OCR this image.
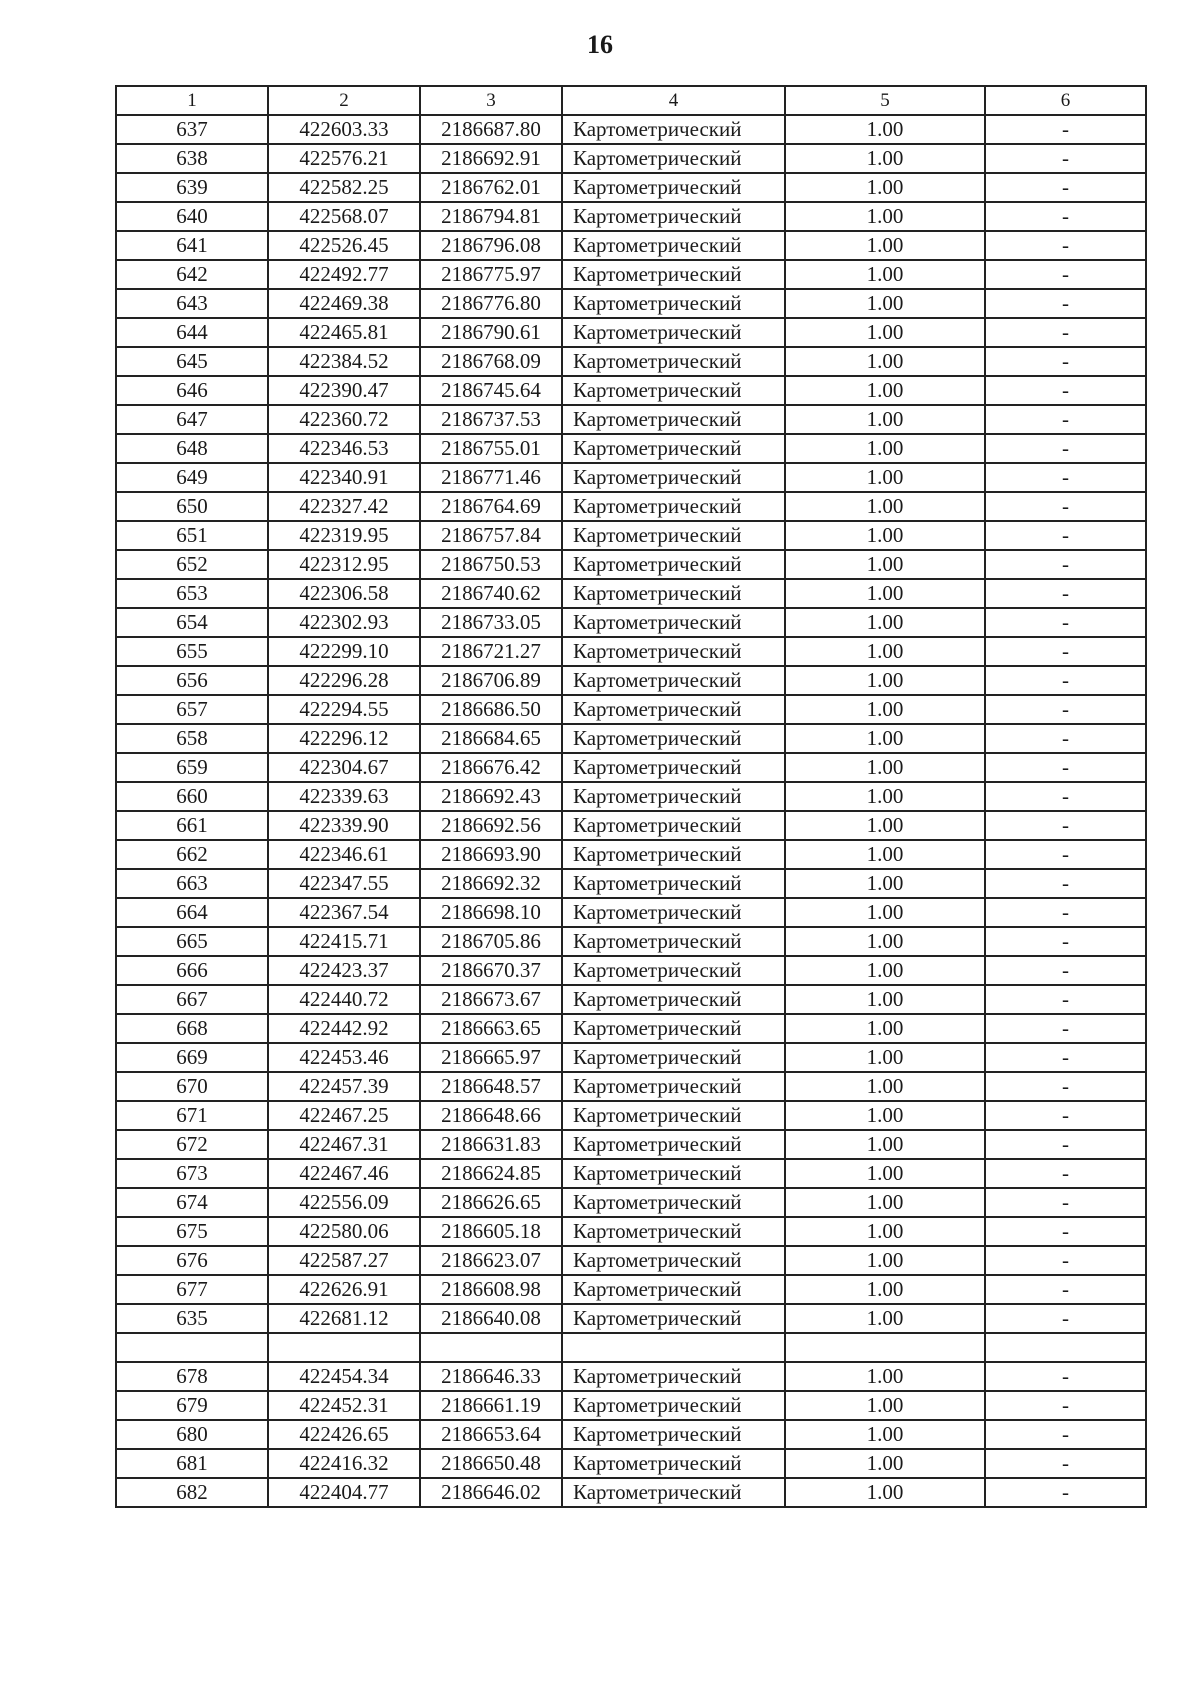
16
1	2	3	4	5	6
637	422603.33	2186687.80	Картометрический	1.00	-
638	422576.21	2186692.91	Картометрический	1.00	-
639	422582.25	2186762.01	Картометрический	1.00	-
640	422568.07	2186794.81	Картометрический	1.00	-
641	422526.45	2186796.08	Картометрический	1.00	-
642	422492.77	2186775.97	Картометрический	1.00	-
643	422469.38	2186776.80	Картометрический	1.00	-
644	422465.81	2186790.61	Картометрический	1.00	-
645	422384.52	2186768.09	Картометрический	1.00	-
646	422390.47	2186745.64	Картометрический	1.00	-
647	422360.72	2186737.53	Картометрический	1.00	-
648	422346.53	2186755.01	Картометрический	1.00	-
649	422340.91	2186771.46	Картометрический	1.00	-
650	422327.42	2186764.69	Картометрический	1.00	-
651	422319.95	2186757.84	Картометрический	1.00	-
652	422312.95	2186750.53	Картометрический	1.00	-
653	422306.58	2186740.62	Картометрический	1.00	-
654	422302.93	2186733.05	Картометрический	1.00	-
655	422299.10	2186721.27	Картометрический	1.00	-
656	422296.28	2186706.89	Картометрический	1.00	-
657	422294.55	2186686.50	Картометрический	1.00	-
658	422296.12	2186684.65	Картометрический	1.00	-
659	422304.67	2186676.42	Картометрический	1.00	-
660	422339.63	2186692.43	Картометрический	1.00	-
661	422339.90	2186692.56	Картометрический	1.00	-
662	422346.61	2186693.90	Картометрический	1.00	-
663	422347.55	2186692.32	Картометрический	1.00	-
664	422367.54	2186698.10	Картометрический	1.00	-
665	422415.71	2186705.86	Картометрический	1.00	-
666	422423.37	2186670.37	Картометрический	1.00	-
667	422440.72	2186673.67	Картометрический	1.00	-
668	422442.92	2186663.65	Картометрический	1.00	-
669	422453.46	2186665.97	Картометрический	1.00	-
670	422457.39	2186648.57	Картометрический	1.00	-
671	422467.25	2186648.66	Картометрический	1.00	-
672	422467.31	2186631.83	Картометрический	1.00	-
673	422467.46	2186624.85	Картометрический	1.00	-
674	422556.09	2186626.65	Картометрический	1.00	-
675	422580.06	2186605.18	Картометрический	1.00	-
676	422587.27	2186623.07	Картометрический	1.00	-
677	422626.91	2186608.98	Картометрический	1.00	-
635	422681.12	2186640.08	Картометрический	1.00	-

678	422454.34	2186646.33	Картометрический	1.00	-
679	422452.31	2186661.19	Картометрический	1.00	-
680	422426.65	2186653.64	Картометрический	1.00	-
681	422416.32	2186650.48	Картометрический	1.00	-
682	422404.77	2186646.02	Картометрический	1.00	-
